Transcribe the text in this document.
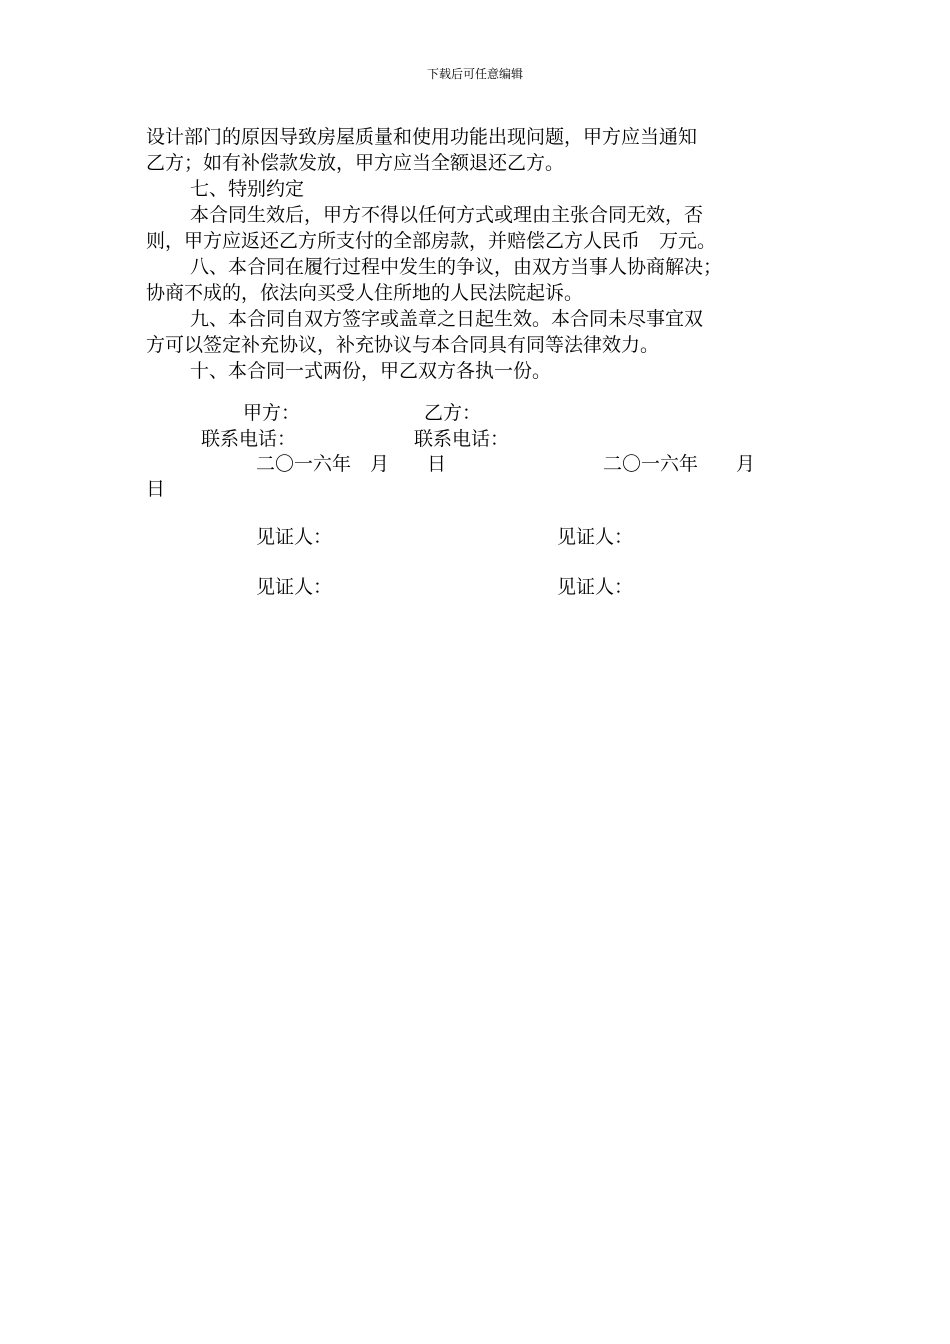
下载后可任意编辑
设计部门的原因导致房屋质量和使用功能出现问题，甲方应当通知
乙方；如有补偿款发放，甲方应当全额退还乙方。
七、特别约定
本合同生效后，甲方不得以任何方式或理由主张合同无效，否
则，甲方应返还乙方所支付的全部房款，并赔偿乙方人民币　万元。
八、本合同在履行过程中发生的争议，由双方当事人协商解决；
协商不成的，依法向买受人住所地的人民法院起诉。
九、本合同自双方签字或盖章之日起生效。本合同未尽事宜双
方可以签定补充协议，补充协议与本合同具有同等法律效力。
十、本合同一式两份，甲乙双方各执一份。
甲方：	乙方：
联系电话：	联系电话：
二〇一六年　月　　日	二〇一六年　　月
日
见证人：	见证人：
见证人：	见证人：
